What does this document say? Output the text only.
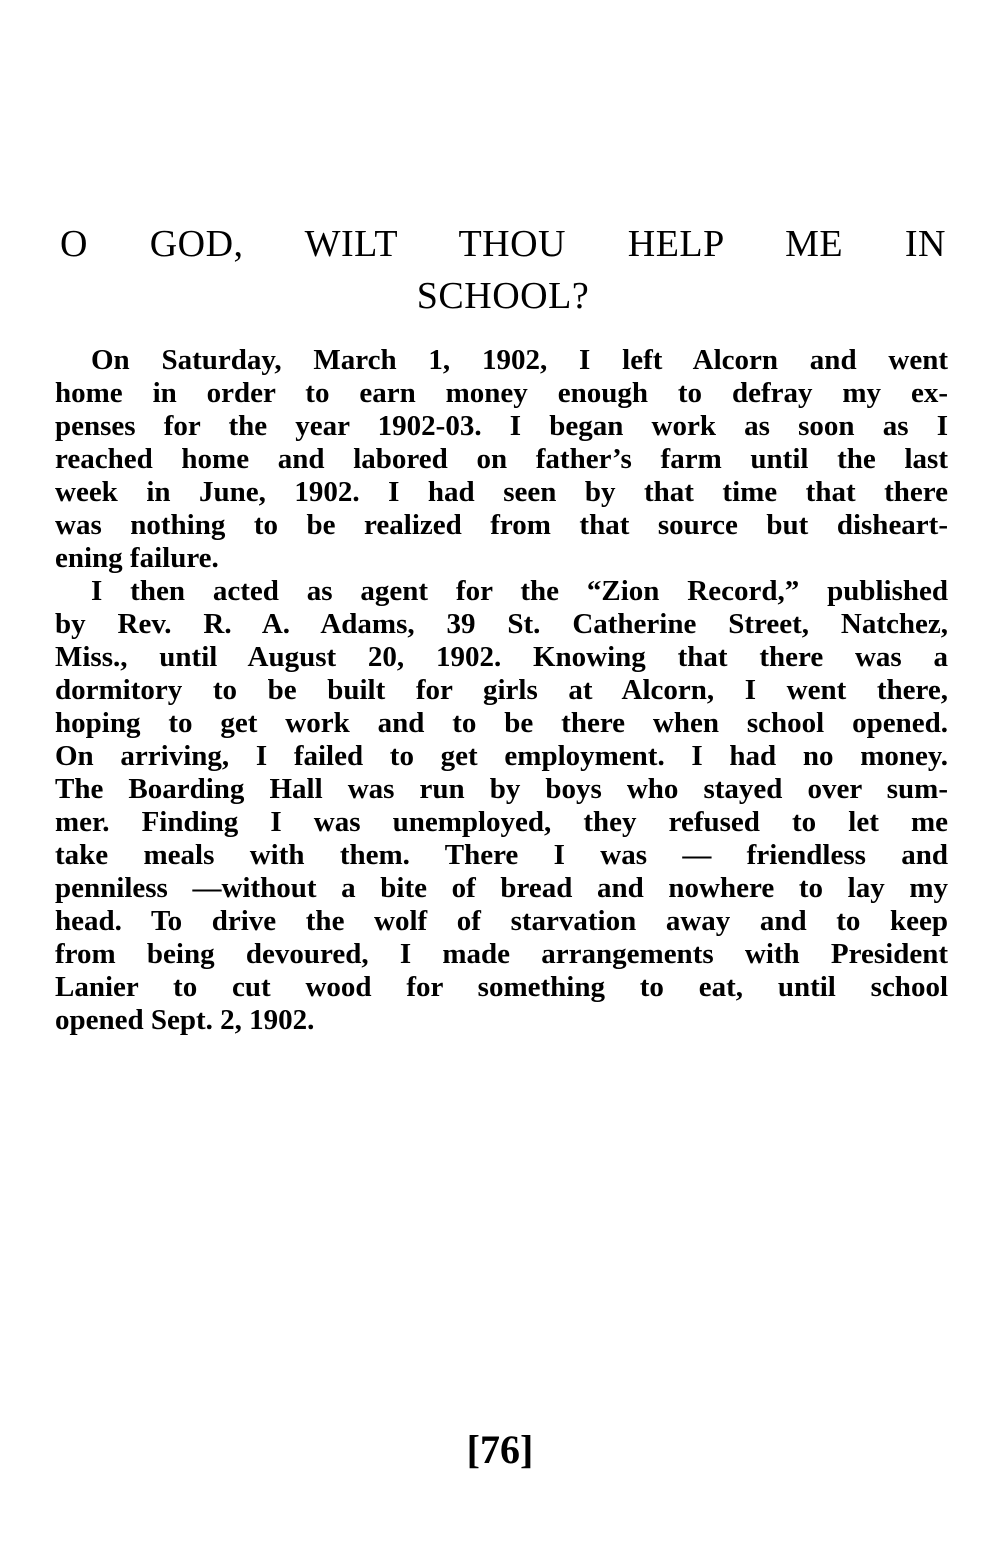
O GOD, WILT THOU HELP ME IN
SCHOOL?
On Saturday, March 1, 1902, I left Alcorn and went
home in order to earn money enough to defray my ex-
penses for the year 1902-03. I began work as soon as I
reached home and labored on father’s farm until the last
week in June, 1902. I had seen by that time that there
was nothing to be realized from that source but disheart-
ening failure.
I then acted as agent for the “Zion Record,” published
by Rev. R. A. Adams, 39 St. Catherine Street, Natchez,
Miss., until August 20, 1902. Knowing that there was a
dormitory to be built for girls at Alcorn, I went there,
hoping to get work and to be there when school opened.
On arriving, I failed to get employment. I had no money.
The Boarding Hall was run by boys who stayed over sum-
mer. Finding I was unemployed, they refused to let me
take meals with them. There I was — friendless and
penniless —without a bite of bread and nowhere to lay my
head. To drive the wolf of starvation away and to keep
from being devoured, I made arrangements with President
Lanier to cut wood for something to eat, until school
opened Sept. 2, 1902.
[76]
